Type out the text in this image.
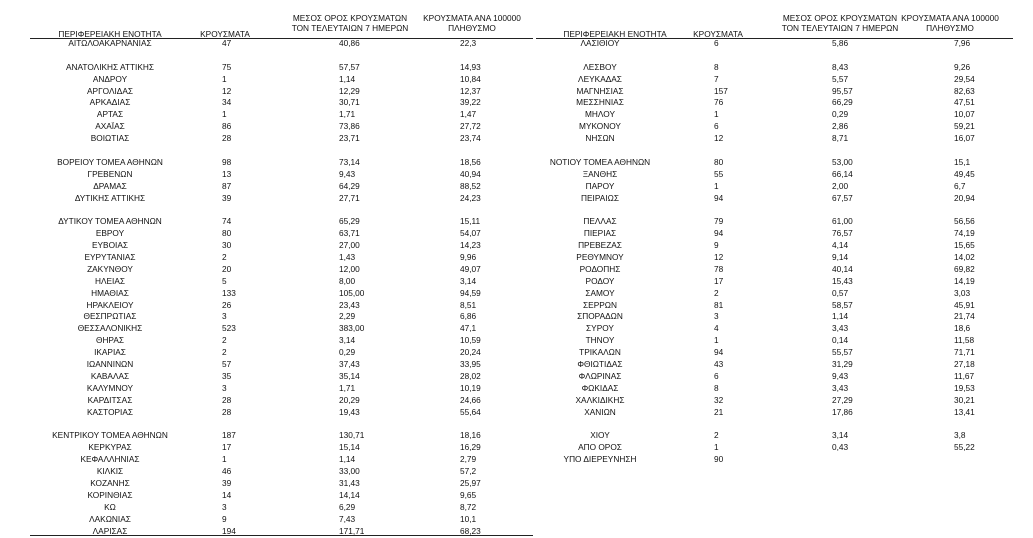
ΠΕΡΙΦΕΡΕΙΑΚΗ ΕΝΟΤΗΤΑ	ΚΡΟΥΣΜΑΤΑ
ΜΕΣΟΣ ΟΡΟΣ ΚΡΟΥΣΜΑΤΩΝ
ΤΟΝ ΤΕΛΕΥΤΑΙΩΝ 7 ΗΜΕΡΩΝ
ΚΡΟΥΣΜΑΤΑ ΑΝΑ 100000
ΠΛΗΘΥΣΜΟ
ΠΕΡΙΦΕΡΕΙΑΚΗ ΕΝΟΤΗΤΑ	ΚΡΟΥΣΜΑΤΑ
ΜΕΣΟΣ ΟΡΟΣ ΚΡΟΥΣΜΑΤΩΝ
ΤΟΝ ΤΕΛΕΥΤΑΙΩΝ 7 ΗΜΕΡΩΝ
ΚΡΟΥΣΜΑΤΑ ΑΝΑ 100000
ΠΛΗΘΥΣΜΟ
ΑΙΤΩΛΟΑΚΑΡΝΑΝΙΑΣ
ΑΝΑΤΟΛΙΚΗΣ ΑΤΤΙΚΗΣ
ΑΝΔΡΟΥ
ΑΡΓΟΛΙΔΑΣ
ΑΡΚΑΔΙΑΣ
ΑΡΤΑΣ
ΑΧΑΪΑΣ
ΒΟΙΩΤΙΑΣ
ΒΟΡΕΙΟΥ ΤΟΜΕΑ ΑΘΗΝΩΝ
ΓΡΕΒΕΝΩΝ
ΔΡΑΜΑΣ
ΔΥΤΙΚΗΣ ΑΤΤΙΚΗΣ
ΔΥΤΙΚΟΥ ΤΟΜΕΑ ΑΘΗΝΩΝ
ΕΒΡΟΥ
ΕΥΒΟΙΑΣ
ΕΥΡΥΤΑΝΙΑΣ
ΖΑΚΥΝΘΟΥ
ΗΛΕΙΑΣ
ΗΜΑΘΙΑΣ
ΗΡΑΚΛΕΙΟΥ
ΘΕΣΠΡΩΤΙΑΣ
ΘΕΣΣΑΛΟΝΙΚΗΣ
ΘΗΡΑΣ
ΙΚΑΡΙΑΣ
ΙΩΑΝΝΙΝΩΝ
ΚΑΒΑΛΑΣ
ΚΑΛΥΜΝΟΥ
ΚΑΡΔΙΤΣΑΣ
ΚΑΣΤΟΡΙΑΣ
ΚΕΝΤΡΙΚΟΥ ΤΟΜΕΑ ΑΘΗΝΩΝ
ΚΕΡΚΥΡΑΣ
ΚΕΦΑΛΛΗΝΙΑΣ
ΚΙΛΚΙΣ
ΚΟΖΑΝΗΣ
ΚΟΡΙΝΘΙΑΣ
ΚΩ
ΛΑΚΩΝΙΑΣ
ΛΑΡΙΣΑΣ
47
75
1
12
34
1
86
28
98
13
87
39
74
80
30
2
20
5
133
26
3
523
2
2
57
35
3
28
28
187
17
1
46
39
14
3
9
194
40,86
57,57
1,14
12,29
30,71
1,71
73,86
23,71
73,14
9,43
64,29
27,71
65,29
63,71
27,00
1,43
12,00
8,00
105,00
23,43
2,29
383,00
3,14
0,29
37,43
35,14
1,71
20,29
19,43
130,71
15,14
1,14
33,00
31,43
14,14
6,29
7,43
171,71
22,3
14,93
10,84
12,37
39,22
1,47
27,72
23,74
18,56
40,94
88,52
24,23
15,11
54,07
14,23
9,96
49,07
3,14
94,59
8,51
6,86
47,1
10,59
20,24
33,95
28,02
10,19
24,66
55,64
18,16
16,29
2,79
57,2
25,97
9,65
8,72
10,1
68,23
ΛΑΣΙΘΙΟΥ
ΛΕΣΒΟΥ
ΛΕΥΚΑΔΑΣ
ΜΑΓΝΗΣΙΑΣ
ΜΕΣΣΗΝΙΑΣ
ΜΗΛΟΥ
ΜΥΚΟΝΟΥ
ΝΗΣΩΝ
ΝΟΤΙΟΥ ΤΟΜΕΑ ΑΘΗΝΩΝ
ΞΑΝΘΗΣ
ΠΑΡΟΥ
ΠΕΙΡΑΙΩΣ
ΠΕΛΛΑΣ
ΠΙΕΡΙΑΣ
ΠΡΕΒΕΖΑΣ
ΡΕΘΥΜΝΟΥ
ΡΟΔΟΠΗΣ
ΡΟΔΟΥ
ΣΑΜΟΥ
ΣΕΡΡΩΝ
ΣΠΟΡΑΔΩΝ
ΣΥΡΟΥ
ΤΗΝΟΥ
ΤΡΙΚΑΛΩΝ
ΦΘΙΩΤΙΔΑΣ
ΦΛΩΡΙΝΑΣ
ΦΩΚΙΔΑΣ
ΧΑΛΚΙΔΙΚΗΣ
ΧΑΝΙΩΝ
ΧΙΟΥ
ΑΠΟ ΟΡΟΣ
ΥΠΟ ΔΙΕΡΕΥΝΗΣΗ
6
8
7
157
76
1
6
12
80
55
1
94
79
94
9
12
78
17
2
81
3
4
1
94
43
6
8
32
21
2
1
90
5,86
8,43
5,57
95,57
66,29
0,29
2,86
8,71
53,00
66,14
2,00
67,57
61,00
76,57
4,14
9,14
40,14
15,43
0,57
58,57
1,14
3,43
0,14
55,57
31,29
9,43
3,43
27,29
17,86
3,14
0,43
7,96
9,26
29,54
82,63
47,51
10,07
59,21
16,07
15,1
49,45
6,7
20,94
56,56
74,19
15,65
14,02
69,82
14,19
3,03
45,91
21,74
18,6
11,58
71,71
27,18
11,67
19,53
30,21
13,41
3,8
55,22
